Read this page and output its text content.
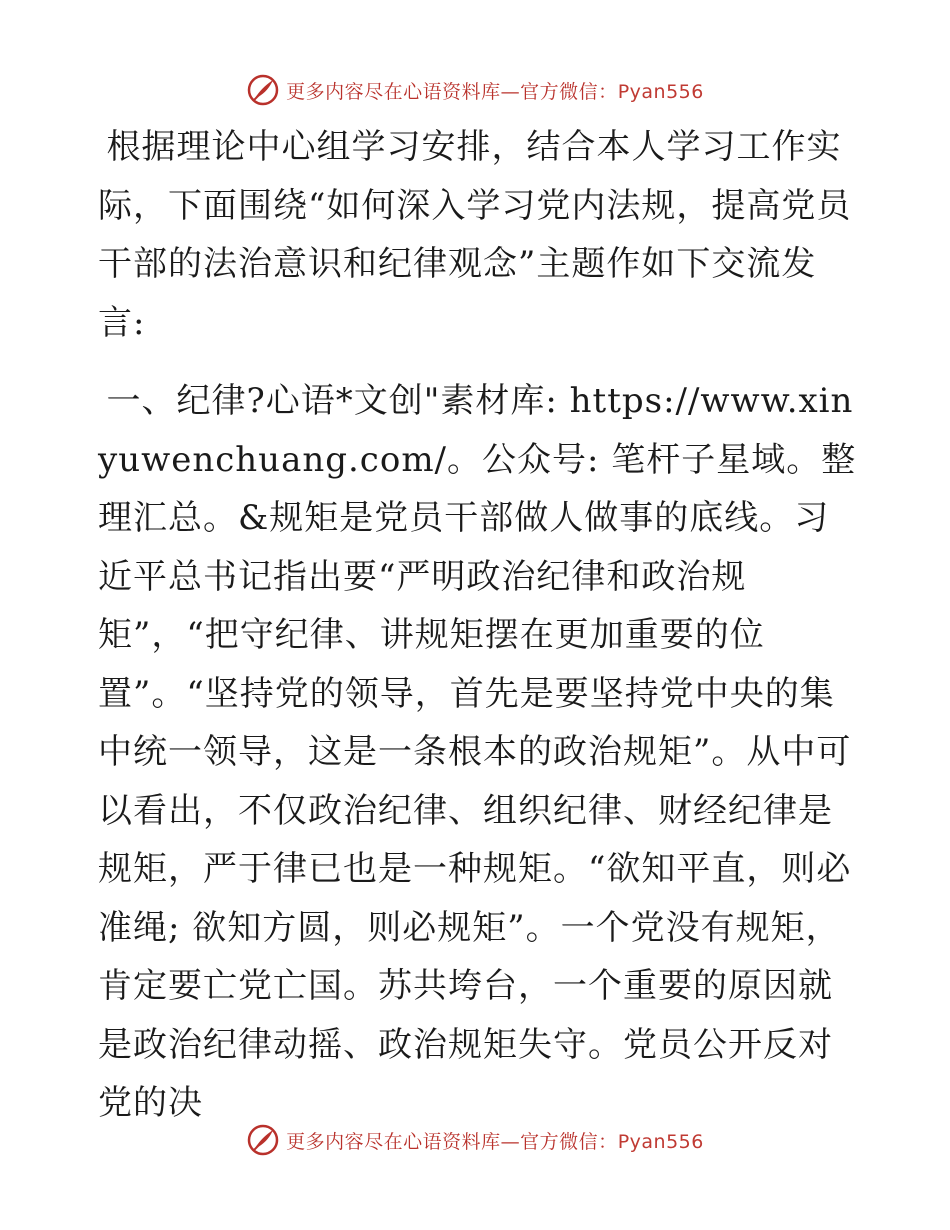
更多内容尽在心语资料库—官方微信：Pyan556

根据理论中心组学习安排，结合本人学习工作实际，下面围绕“如何深入学习党内法规，提高党员干部的法治意识和纪律观念”主题作如下交流发言:

一、纪律?心语*文创"素材库: https://www.xinyuwenchuang.com/。公众号: 笔杆子星域。整理汇总。&规矩是党员干部做人做事的底线。习近平总书记指出要“严明政治纪律和政治规矩”，“把守纪律、讲规矩摆在更加重要的位置”。“坚持党的领导，首先是要坚持党中央的集中统一领导，这是一条根本的政治规矩”。从中可以看出，不仅政治纪律、组织纪律、财经纪律是规矩，严于律已也是一种规矩。“欲知平直，则必准绳; 欲知方圆，则必规矩”。一个党没有规矩，肯定要亡党亡国。苏共垮台，一个重要的原因就是政治纪律动摇、政治规矩失守。党员公开反对党的决

更多内容尽在心语资料库—官方微信：Pyan556
